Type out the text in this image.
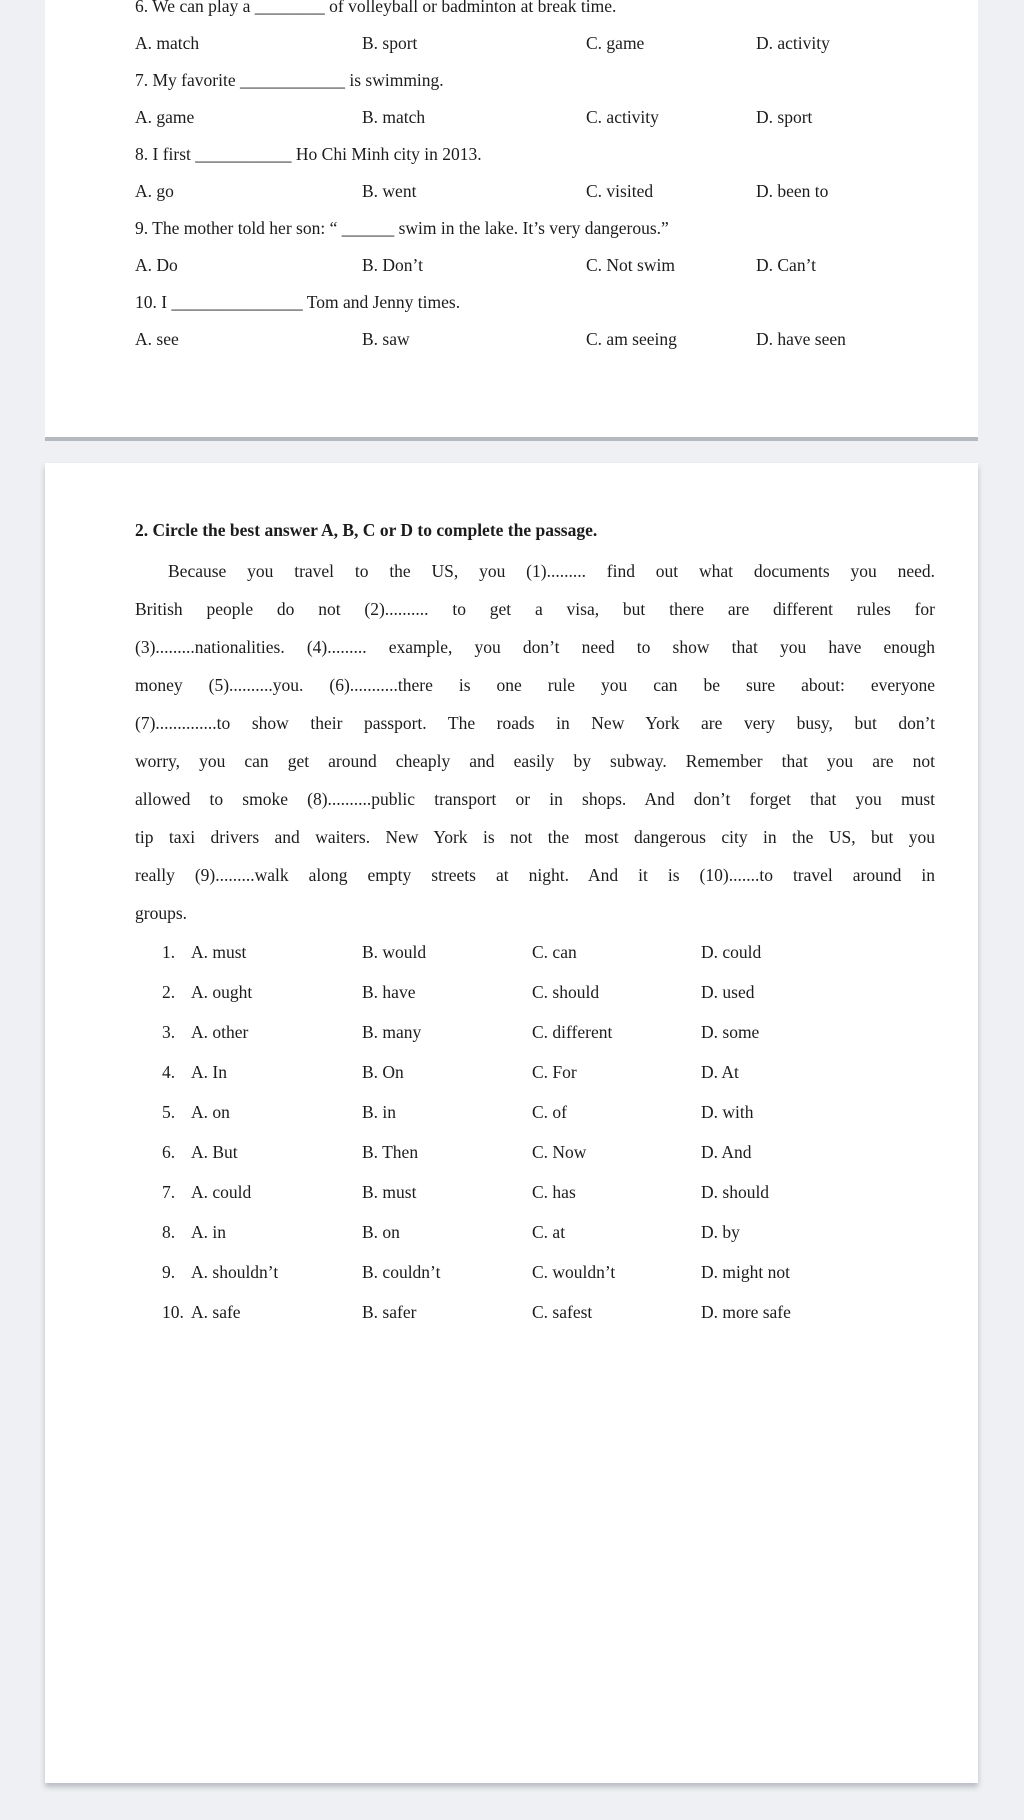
6. We can play a ________ of volleyball or badminton at break time.
A. match	B. sport	C. game	D. activity
7. My favorite ____________ is swimming.
A. game	B. match	C. activity	D. sport
8. I first ___________ Ho Chi Minh city in 2013.
A. go	B. went	C. visited	D. been to
9. The mother told her son: “ ______ swim in the lake. It’s very dangerous.”
A. Do	B. Don’t	C. Not swim	D. Can’t
10. I _______________ Tom and Jenny times.
A. see	B. saw	C. am seeing	D. have seen
2. Circle the best answer A, B, C or D to complete the passage.
Because you travel to the US, you (1)......... find out what documents you need.
British people do not (2).......... to get a visa, but there are different rules for
(3).........nationalities. (4)......... example, you don’t need to show that you have enough
money (5)..........you. (6)...........there is one rule you can be sure about: everyone
(7)..............to show their passport. The roads in New York are very busy, but don’t
worry, you can get around cheaply and easily by subway. Remember that you are not
allowed to smoke (8)..........public transport or in shops. And don’t forget that you must
tip taxi drivers and waiters. New York is not the most dangerous city in the US, but you
really (9).........walk along empty streets at night. And it is (10).......to travel around in
groups.
1. A. must	B. would	C. can	D. could
2. A. ought	B. have	C. should	D. used
3. A. other	B. many	C. different	D. some
4. A. In	B. On	C. For	D. At
5. A. on	B. in	C. of	D. with
6. A. But	B. Then	C. Now	D. And
7. A. could	B. must	C. has	D. should
8. A. in	B. on	C. at	D. by
9. A. shouldn’t	B. couldn’t	C. wouldn’t	D. might not
10. A. safe	B. safer	C. safest	D. more safe
